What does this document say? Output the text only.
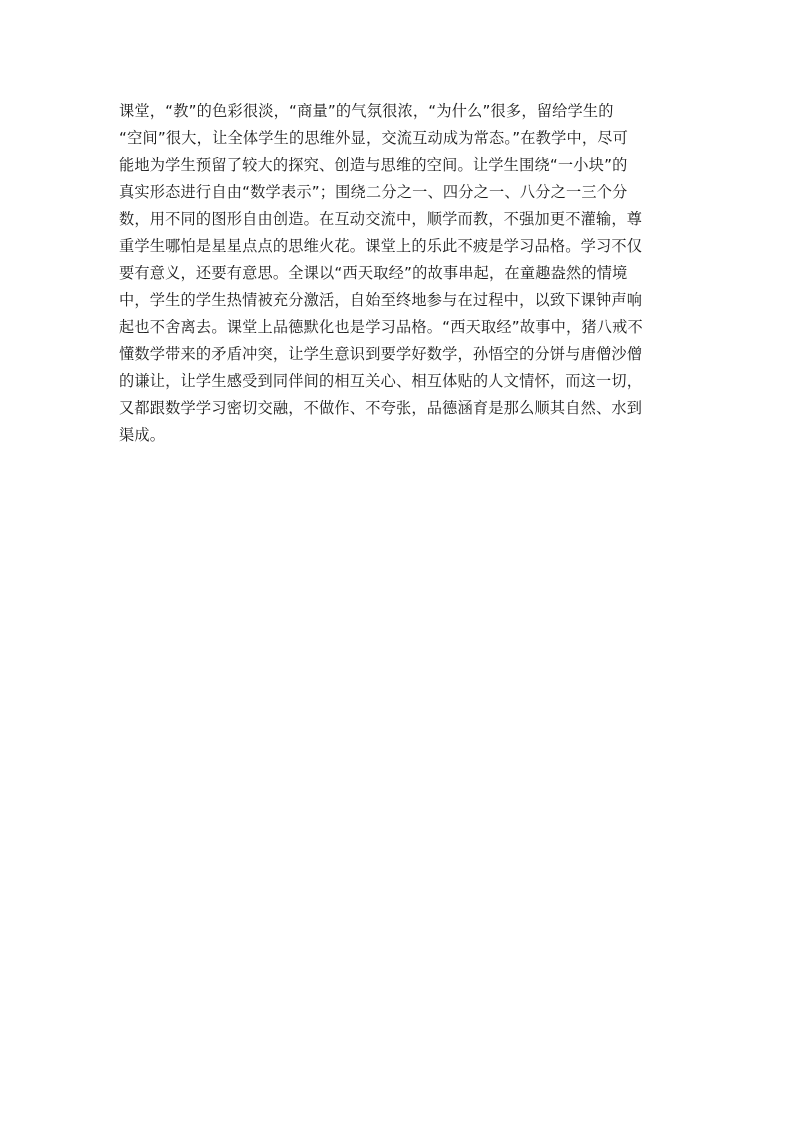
课堂，“教”的色彩很淡，“商量”的气氛很浓，“为什么”很多，留给学生的
“空间”很大，让全体学生的思维外显，交流互动成为常态。”在教学中，尽可
能地为学生预留了较大的探究、创造与思维的空间。让学生围绕“一小块”的
真实形态进行自由“数学表示”；围绕二分之一、四分之一、八分之一三个分
数，用不同的图形自由创造。在互动交流中，顺学而教，不强加更不灌输，尊
重学生哪怕是星星点点的思维火花。课堂上的乐此不疲是学习品格。学习不仅
要有意义，还要有意思。全课以“西天取经”的故事串起，在童趣盎然的情境
中，学生的学生热情被充分激活，自始至终地参与在过程中，以致下课钟声响
起也不舍离去。课堂上品德默化也是学习品格。“西天取经”故事中，猪八戒不
懂数学带来的矛盾冲突，让学生意识到要学好数学，孙悟空的分饼与唐僧沙僧
的谦让，让学生感受到同伴间的相互关心、相互体贴的人文情怀，而这一切，
又都跟数学学习密切交融，不做作、不夸张，品德涵育是那么顺其自然、水到
渠成。
